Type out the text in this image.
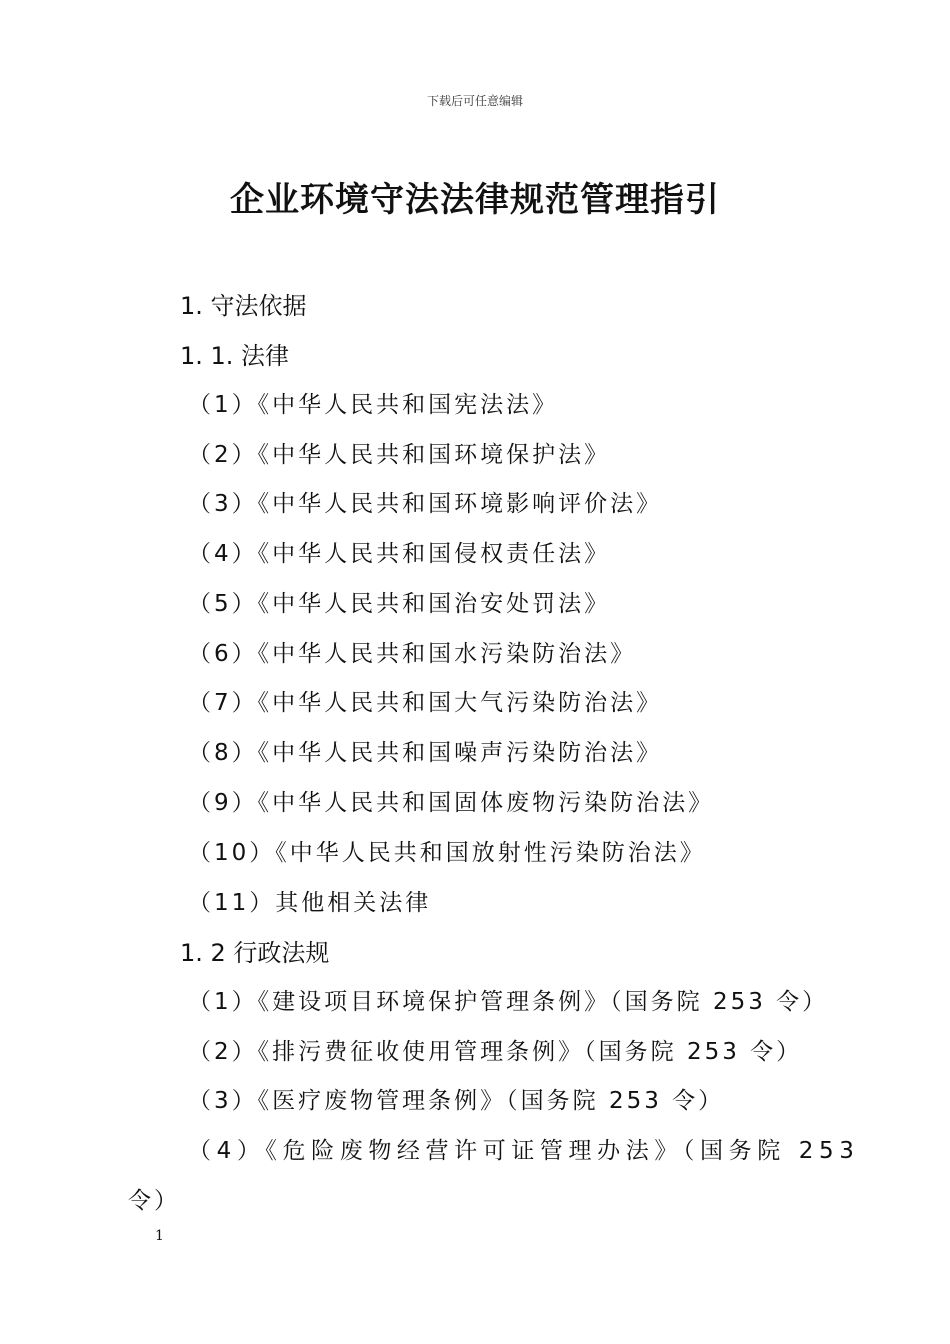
下载后可任意编辑
企业环境守法法律规范管理指引
1. 守法依据
1. 1. 法律
（1）《中华人民共和国宪法法》
（2）《中华人民共和国环境保护法》
（3）《中华人民共和国环境影响评价法》
（4）《中华人民共和国侵权责任法》
（5）《中华人民共和国治安处罚法》
（6）《中华人民共和国水污染防治法》
（7）《中华人民共和国大气污染防治法》
（8）《中华人民共和国噪声污染防治法》
（9）《中华人民共和国固体废物污染防治法》
（10）《中华人民共和国放射性污染防治法》
（11）其他相关法律
1. 2 行政法规
（1）《建设项目环境保护管理条例》（国务院 253 令）
（2）《排污费征收使用管理条例》（国务院 253 令）
（3）《医疗废物管理条例》（国务院 253 令）
（4）《危险废物经营许可证管理办法》（国务院 253
令）
1
